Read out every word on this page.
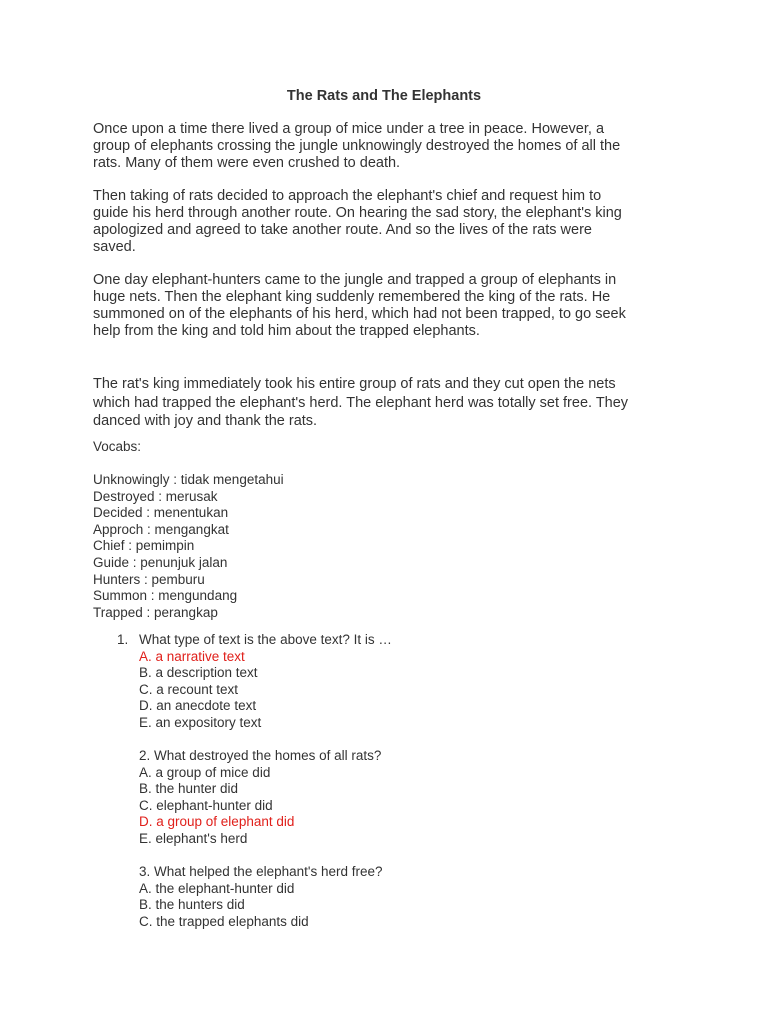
The Rats and The Elephants
Once upon a time there lived a group of mice under a tree in peace. However, a
group of elephants crossing the jungle unknowingly destroyed the homes of all the
rats. Many of them were even crushed to death.
Then taking of rats decided to approach the elephant's chief and request him to
guide his herd through another route. On hearing the sad story, the elephant's king
apologized and agreed to take another route. And so the lives of the rats were
saved.
One day elephant-hunters came to the jungle and trapped a group of elephants in
huge nets. Then the elephant king suddenly remembered the king of the rats. He
summoned on of the elephants of his herd, which had not been trapped, to go seek
help from the king and told him about the trapped elephants.
The rat's king immediately took his entire group of rats and they cut open the nets
which had trapped the elephant's herd. The elephant herd was totally set free. They
danced with joy and thank the rats.
Vocabs:
Unknowingly : tidak mengetahui
Destroyed : merusak
Decided : menentukan
Approch : mengangkat
Chief : pemimpin
Guide : penunjuk jalan
Hunters : pemburu
Summon : mengundang
Trapped : perangkap
1. What type of text is the above text? It is …
A. a narrative text
B. a description text
C. a recount text
D. an anecdote text
E. an expository text
2. What destroyed the homes of all rats?
A. a group of mice did
B. the hunter did
C. elephant-hunter did
D. a group of elephant did
E. elephant's herd
3. What helped the elephant's herd free?
A. the elephant-hunter did
B. the hunters did
C. the trapped elephants did
